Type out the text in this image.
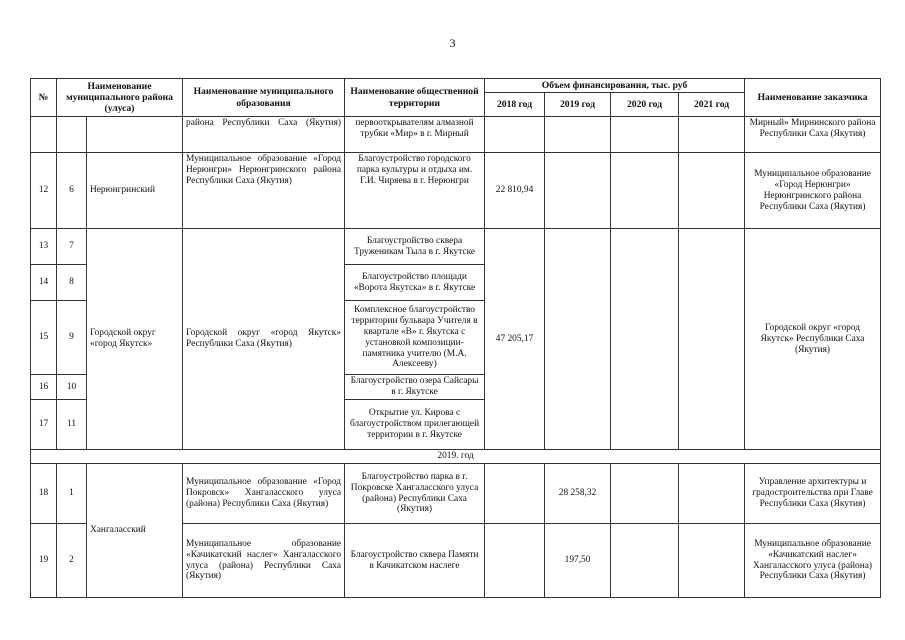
3
№	Наименование муниципального района (улуса)		Наименование муниципального образования	Наименование общественной территории	Объем финансирования, тыс. руб				Наименование заказчика
					2018 год	2019 год	2020 год	2021 год	
			района Республики Саха (Якутия)	первооткрывателям алмазной трубки «Мир» в г. Мирный					Мирный» Мирнинского района Республики Саха (Якутия)
12	6	Нерюнгринский	Муниципальное образование «Город Нерюнгри» Нерюнгринского района Республики Саха (Якутия)	Благоустройство городского парка культуры и отдыха им. Г.И. Чиряева в г. Нерюнгри	22 810,94				Муниципальное образование «Город Нерюнгри» Нерюнгринского района Республики Саха (Якутия)
13	7	Городской округ «город Якутск»	Городской округ «город Якутск» Республики Саха (Якутия)	Благоустройство сквера Труженикам Тыла в г. Якутске	47 205,17				Городской округ «город Якутск» Республики Саха (Якутия)
14	8			Благоустройство площади «Ворота Якутска» в г. Якутске					
15	9			Комплексное благоустройство территории бульвара Учителя в квартале «В» г. Якутска с установкой композиции-памятника учителю (М.А. Алексееву)					
16	10			Благоустройство озера Сайсары в г. Якутске					
17	11			Открытие ул. Кирова с благоустройством прилегающей территории в г. Якутске					
2019. год									
18	1	Хангаласский	Муниципальное образование «Город Покровск» Хангаласского улуса (района) Республики Саха (Якутия)	Благоустройство парка в г. Покровске Хангаласского улуса (района) Республики Саха (Якутия)		28 258,32			Управление архитектуры и градостроительства при Главе Республики Саха (Якутия)
19	2		Муниципальное образование «Качикатский наслег» Хангаласского улуса (района) Республики Саха (Якутия)	Благоустройство сквера Памяти в Качикатском наслеге		197,50			Муниципальное образование «Качикатский наслег» Хангаласского улуса (района) Республики Саха (Якутия)
